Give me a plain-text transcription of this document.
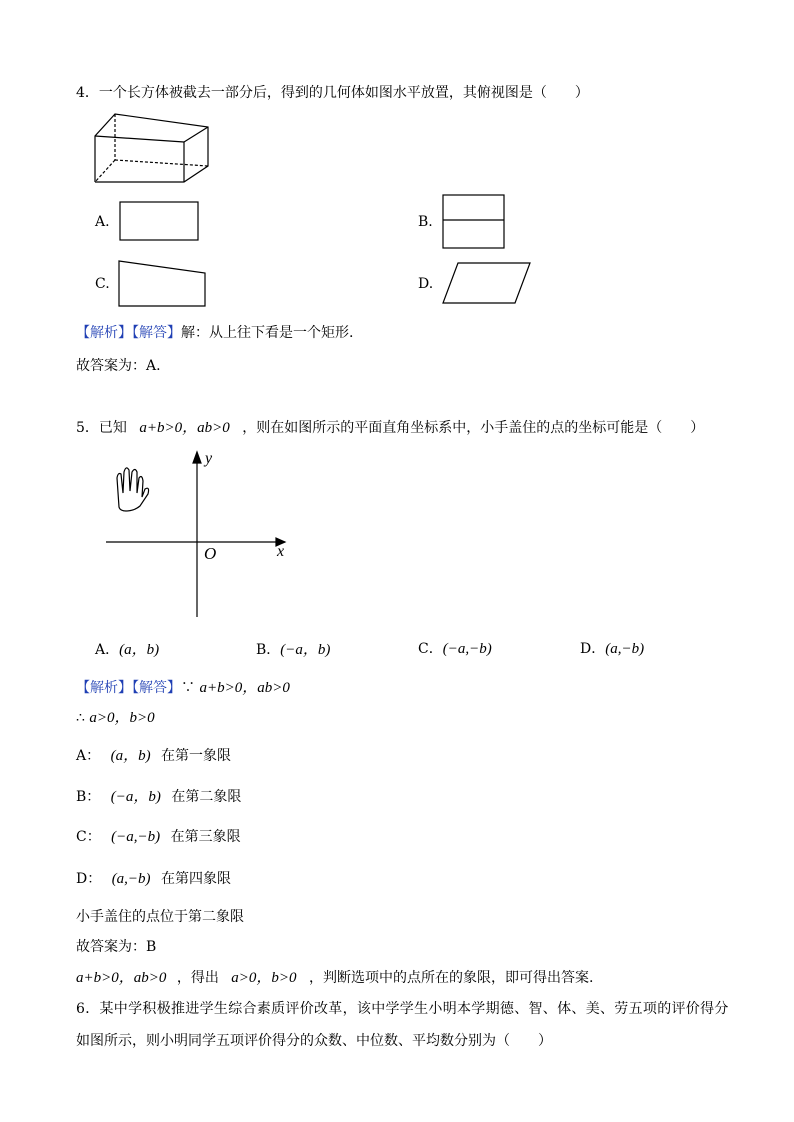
4．一个长方体被截去一部分后，得到的几何体如图水平放置，其俯视图是（　　）
A.	B.
C.	D.
【解析】【解答】解：从上往下看是一个矩形.
故答案为：A.
5．已知 a+b>0，ab>0 ，则在如图所示的平面直角坐标系中，小手盖住的点的坐标可能是（　　）
y
x
O
A．(a，b)	B．(−a，b)	C．(−a,−b)	D．(a,−b)
【解析】【解答】∵ a+b>0，ab>0
∴ a>0，b>0
A： (a，b) 在第一象限
B： (−a，b) 在第二象限
C： (−a,−b) 在第三象限
D： (a,−b) 在第四象限
小手盖住的点位于第二象限
故答案为：B
a+b>0，ab>0 ，得出 a>0，b>0 ，判断选项中的点所在的象限，即可得出答案.
6．某中学积极推进学生综合素质评价改革，该中学学生小明本学期德、智、体、美、劳五项的评价得分
如图所示，则小明同学五项评价得分的众数、中位数、平均数分别为（　　）
